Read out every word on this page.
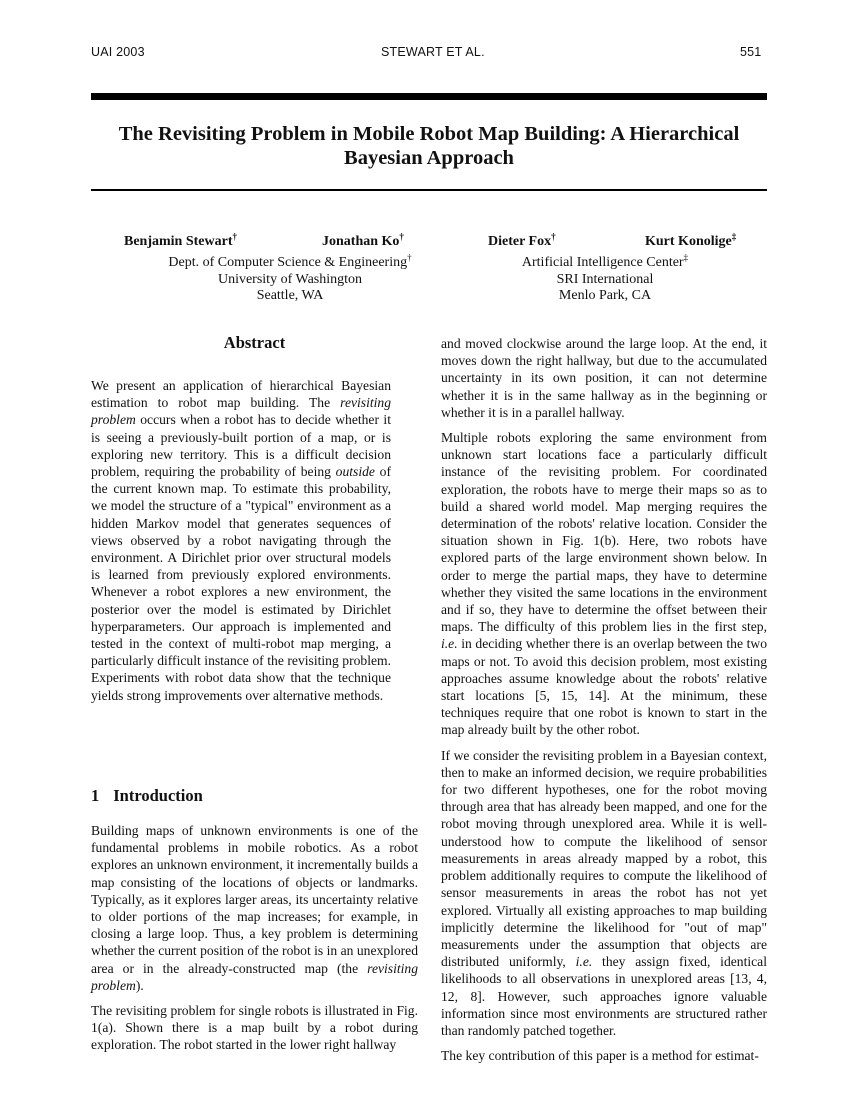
UAI 2003	STEWART ET AL.	551
The Revisiting Problem in Mobile Robot Map Building: A Hierarchical
Bayesian Approach
Benjamin Stewart†	Jonathan Ko†	Dieter Fox†	Kurt Konolige‡
Dept. of Computer Science & Engineering†
University of Washington
Seattle, WA
Artificial Intelligence Center‡
SRI International
Menlo Park, CA
Abstract

We present an application of hierarchical Bayesian estimation to robot map building. The revisiting problem occurs when a robot has to decide whether it is seeing a previously-built portion of a map, or is exploring new territory. This is a difficult decision problem, requiring the probability of being outside of the current known map. To estimate this probability, we model the structure of a "typical" environment as a hidden Markov model that generates sequences of views observed by a robot navigating through the environment. A Dirichlet prior over structural models is learned from previously explored environments. Whenever a robot explores a new environment, the posterior over the model is estimated by Dirichlet hyperparameters. Our approach is implemented and tested in the context of multi-robot map merging, a particularly difficult instance of the revisiting problem. Experiments with robot data show that the technique yields strong improvements over alternative methods.

1 Introduction

Building maps of unknown environments is one of the fundamental problems in mobile robotics. As a robot explores an unknown environment, it incrementally builds a map consisting of the locations of objects or landmarks. Typically, as it explores larger areas, its uncertainty relative to older portions of the map increases; for example, in closing a large loop. Thus, a key problem is determining whether the current position of the robot is in an unexplored area or in the already-constructed map (the revisiting problem).

The revisiting problem for single robots is illustrated in Fig. 1(a). Shown there is a map built by a robot during exploration. The robot started in the lower right hallway

and moved clockwise around the large loop. At the end, it moves down the right hallway, but due to the accumulated uncertainty in its own position, it can not determine whether it is in the same hallway as in the beginning or whether it is in a parallel hallway.

Multiple robots exploring the same environment from unknown start locations face a particularly difficult instance of the revisiting problem. For coordinated exploration, the robots have to merge their maps so as to build a shared world model. Map merging requires the determination of the robots' relative location. Consider the situation shown in Fig. 1(b). Here, two robots have explored parts of the large environment shown below. In order to merge the partial maps, they have to determine whether they visited the same locations in the environment and if so, they have to determine the offset between their maps. The difficulty of this problem lies in the first step, i.e. in deciding whether there is an overlap between the two maps or not. To avoid this decision problem, most existing approaches assume knowledge about the robots' relative start locations [5, 15, 14]. At the minimum, these techniques require that one robot is known to start in the map already built by the other robot.

If we consider the revisiting problem in a Bayesian context, then to make an informed decision, we require probabilities for two different hypotheses, one for the robot moving through area that has already been mapped, and one for the robot moving through unexplored area. While it is well-understood how to compute the likelihood of sensor measurements in areas already mapped by a robot, this problem additionally requires to compute the likelihood of sensor measurements in areas the robot has not yet explored. Virtually all existing approaches to map building implicitly determine the likelihood for "out of map" measurements under the assumption that objects are distributed uniformly, i.e. they assign fixed, identical likelihoods to all observations in unexplored areas [13, 4, 12, 8]. However, such approaches ignore valuable information since most environments are structured rather than randomly patched together.

The key contribution of this paper is a method for estimat-
